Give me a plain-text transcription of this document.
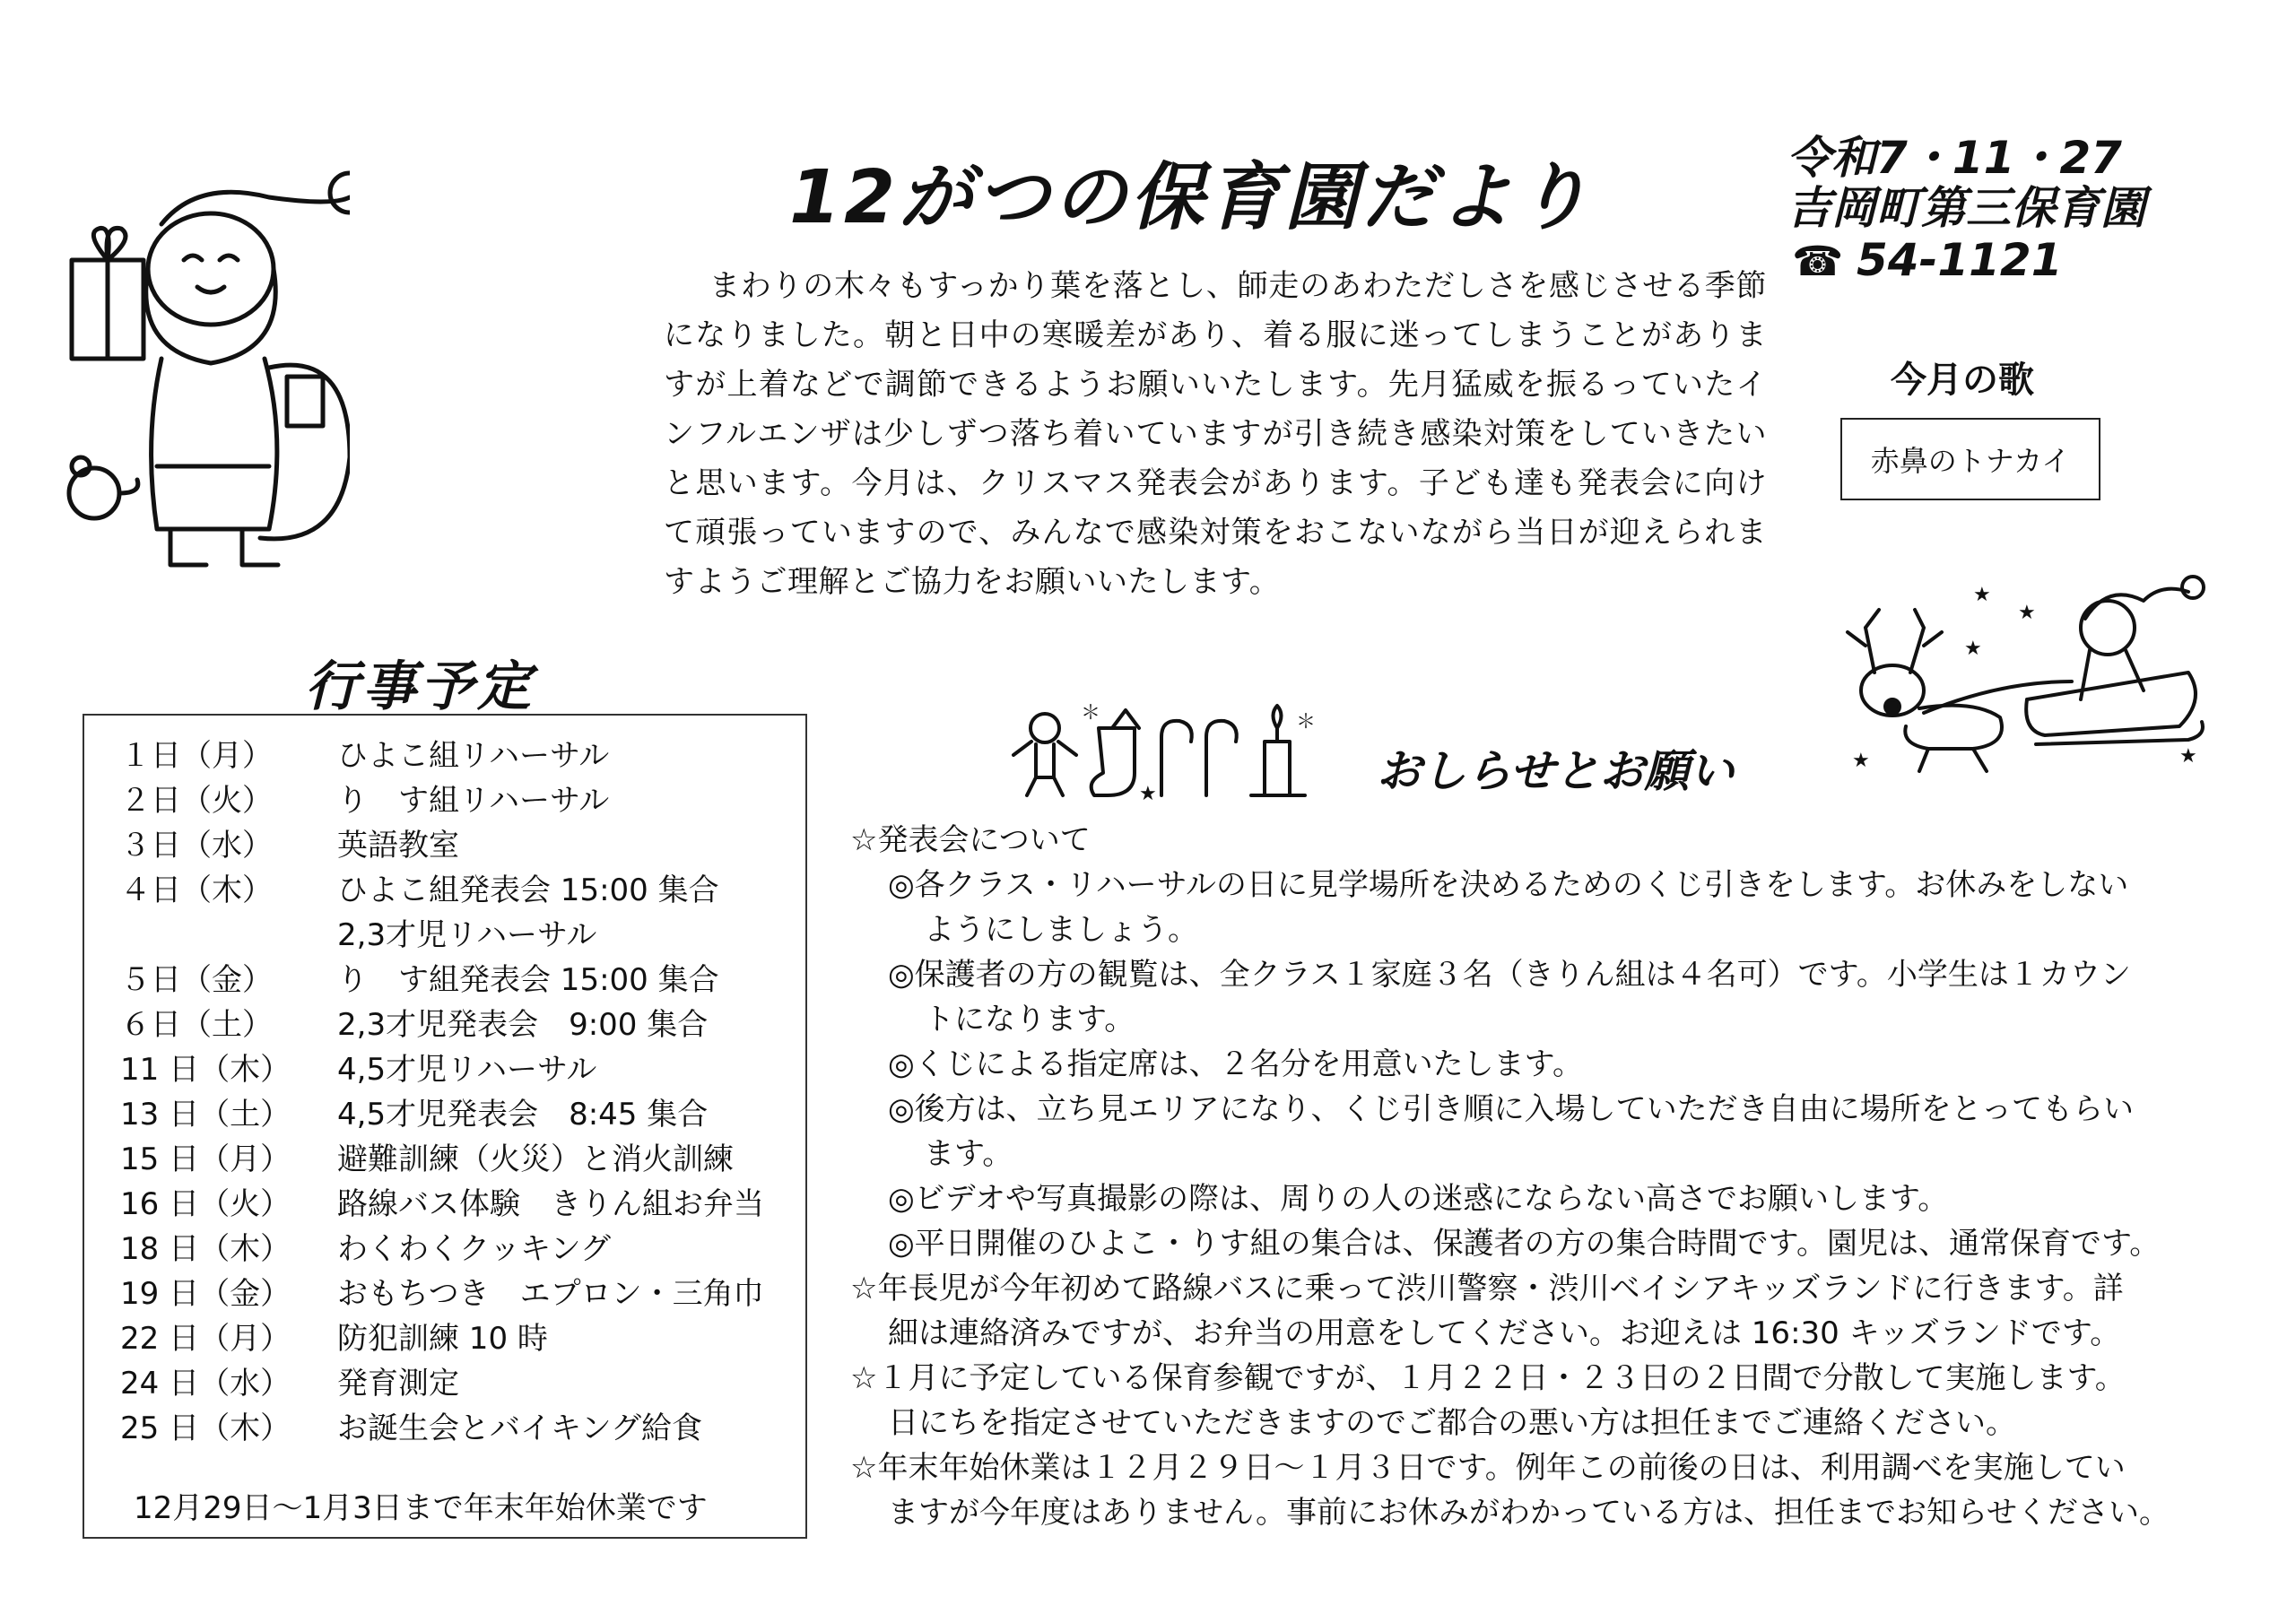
12がつの保育園だより	令和7・11・27
吉岡町第三保育園
☎ 54-1121
まわりの木々もすっかり葉を落とし、師走のあわただしさを感じさせる季節になりました。朝と日中の寒暖差があり、着る服に迷ってしまうことがありますが上着などで調節できるようお願いいたします。先月猛威を振るっていたインフルエンザは少しずつ落ち着いていますが引き続き感染対策をしていきたいと思います。今月は、クリスマス発表会があります。子ども達も発表会に向けて頑張っていますので、みんなで感染対策をおこないながら当日が迎えられますようご理解とご協力をお願いいたします。
今月の歌
赤鼻のトナカイ
★
★
★	★
★
行事予定
１日（月）	ひよこ組リハーサル
２日（火）	り　す組リハーサル
３日（水）	英語教室
４日（木）	ひよこ組発表会 15:00 集合
2,3才児リハーサル
５日（金）	り　す組発表会 15:00 集合
６日（土）	2,3才児発表会　9:00 集合
11 日（木）	4,5才児リハーサル
13 日（土）	4,5才児発表会　8:45 集合
15 日（月）	避難訓練（火災）と消火訓練
16 日（火）	路線バス体験　きりん組お弁当
18 日（木）	わくわくクッキング
19 日（金）	おもちつき　エプロン・三角巾
22 日（月）	防犯訓練 10 時
24 日（水）	発育測定
25 日（木）	お誕生会とバイキング給食
12月29日～1月3日まで年末年始休業です
＊
★
＊
おしらせとお願い
☆発表会について
◎各クラス・リハーサルの日に見学場所を決めるためのくじ引きをします。お休みをしない
ようにしましょう。
◎保護者の方の観覧は、全クラス１家庭３名（きりん組は４名可）です。小学生は１カウン
トになります。
◎くじによる指定席は、２名分を用意いたします。
◎後方は、立ち見エリアになり、くじ引き順に入場していただき自由に場所をとってもらい
ます。
◎ビデオや写真撮影の際は、周りの人の迷惑にならない高さでお願いします。
◎平日開催のひよこ・りす組の集合は、保護者の方の集合時間です。園児は、通常保育です。
☆年長児が今年初めて路線バスに乗って渋川警察・渋川ベイシアキッズランドに行きます。詳
細は連絡済みですが、お弁当の用意をしてください。お迎えは 16:30 キッズランドです。
☆１月に予定している保育参観ですが、１月２２日・２３日の２日間で分散して実施します。
日にちを指定させていただきますのでご都合の悪い方は担任までご連絡ください。
☆年末年始休業は１２月２９日～１月３日です。例年この前後の日は、利用調べを実施してい
ますが今年度はありません。事前にお休みがわかっている方は、担任までお知らせください。
